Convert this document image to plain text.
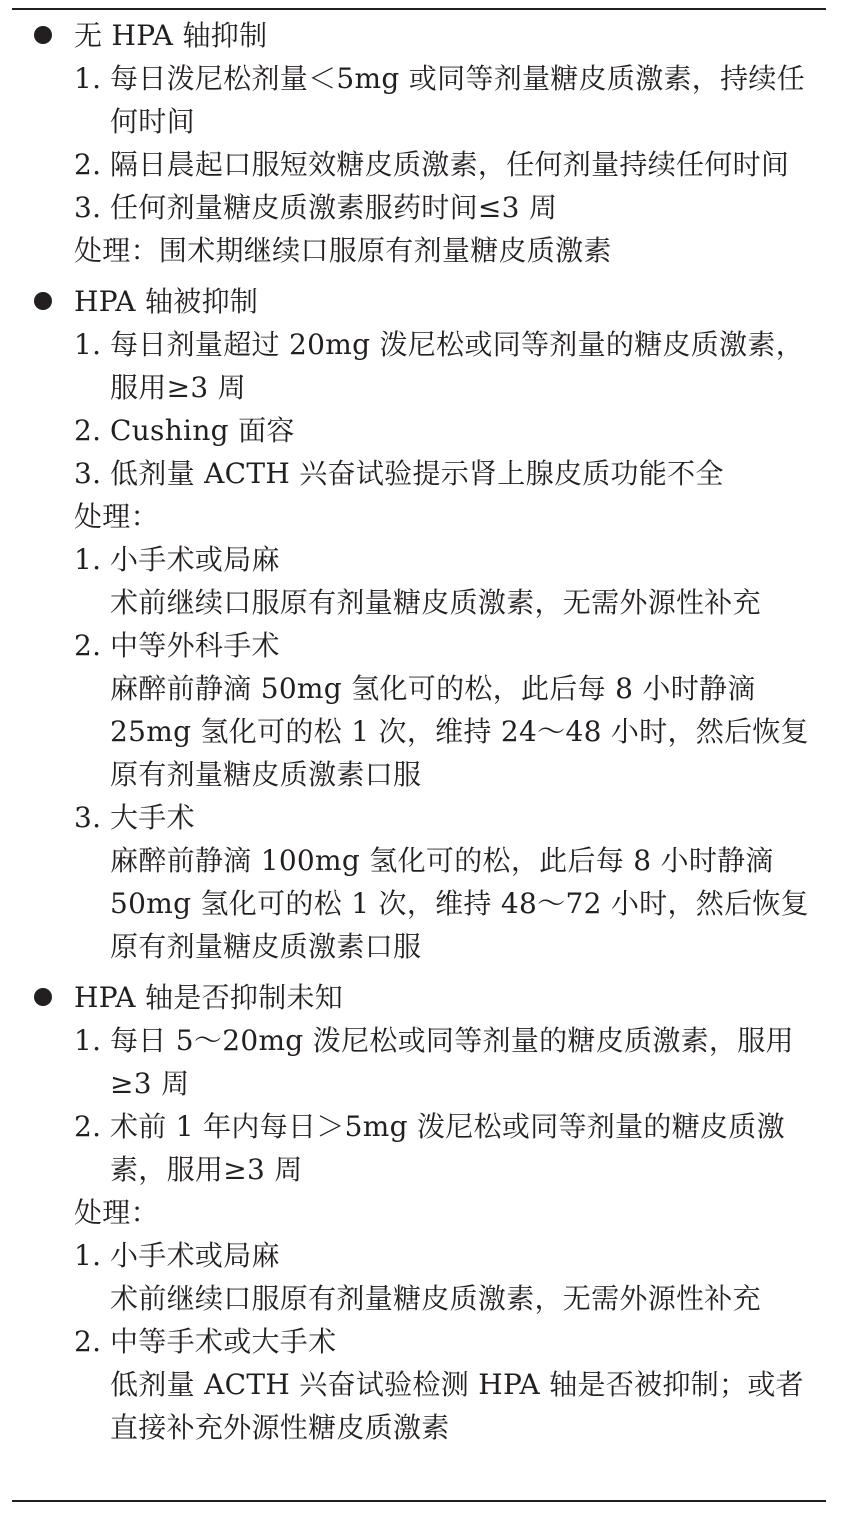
无 HPA 轴抑制
1. 每日泼尼松剂量＜5mg 或同等剂量糖皮质激素，持续任何时间
2. 隔日晨起口服短效糖皮质激素，任何剂量持续任何时间
3. 任何剂量糖皮质激素服药时间≤3 周
处理：围术期继续口服原有剂量糖皮质激素
HPA 轴被抑制
1. 每日剂量超过 20mg 泼尼松或同等剂量的糖皮质激素，服用≥3 周
2. Cushing 面容
3. 低剂量 ACTH 兴奋试验提示肾上腺皮质功能不全
处理：
1. 小手术或局麻
术前继续口服原有剂量糖皮质激素，无需外源性补充
2. 中等外科手术
麻醉前静滴 50mg 氢化可的松，此后每 8 小时静滴 25mg 氢化可的松 1 次，维持 24～48 小时，然后恢复原有剂量糖皮质激素口服
3. 大手术
麻醉前静滴 100mg 氢化可的松，此后每 8 小时静滴 50mg 氢化可的松 1 次，维持 48～72 小时，然后恢复原有剂量糖皮质激素口服
HPA 轴是否抑制未知
1. 每日 5～20mg 泼尼松或同等剂量的糖皮质激素，服用≥3 周
2. 术前 1 年内每日＞5mg 泼尼松或同等剂量的糖皮质激素，服用≥3 周
处理：
1. 小手术或局麻
术前继续口服原有剂量糖皮质激素，无需外源性补充
2. 中等手术或大手术
低剂量 ACTH 兴奋试验检测 HPA 轴是否被抑制；或者直接补充外源性糖皮质激素
